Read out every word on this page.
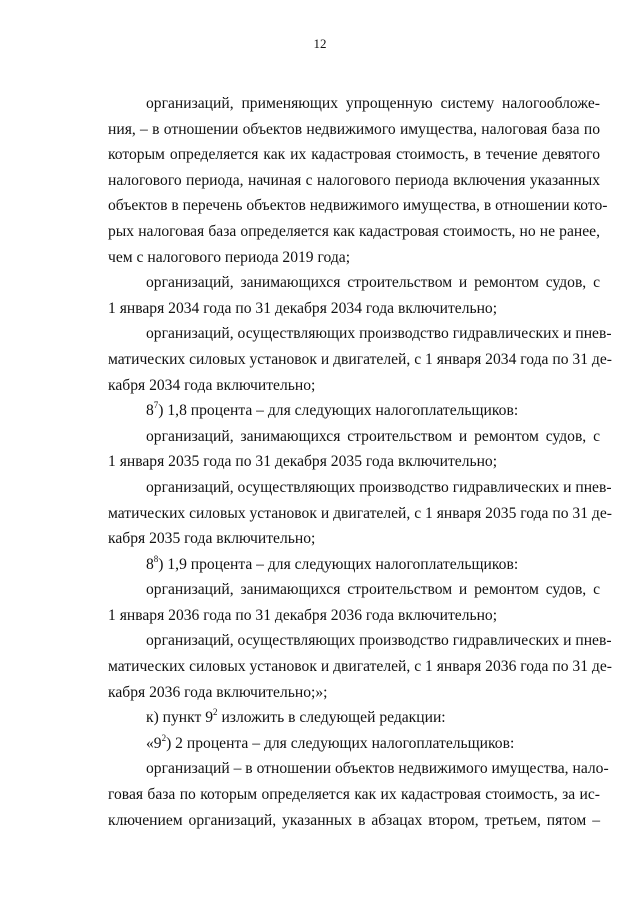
12
организаций, применяющих упрощенную систему налогообложе-
ния, – в отношении объектов недвижимого имущества, налоговая база по
которым определяется как их кадастровая стоимость, в течение девятого
налогового периода, начиная с налогового периода включения указанных
объектов в перечень объектов недвижимого имущества, в отношении кото-
рых налоговая база определяется как кадастровая стоимость, но не ранее,
чем с налогового периода 2019 года;
организаций, занимающихся строительством и ремонтом судов, с
1 января 2034 года по 31 декабря 2034 года включительно;
организаций, осуществляющих производство гидравлических и пнев-
матических силовых установок и двигателей, с 1 января 2034 года по 31 де-
кабря 2034 года включительно;
$8^7$) 1,8 процента – для следующих налогоплательщиков:
организаций, занимающихся строительством и ремонтом судов, с
1 января 2035 года по 31 декабря 2035 года включительно;
организаций, осуществляющих производство гидравлических и пнев-
матических силовых установок и двигателей, с 1 января 2035 года по 31 де-
кабря 2035 года включительно;
$8^8$) 1,9 процента – для следующих налогоплательщиков:
организаций, занимающихся строительством и ремонтом судов, с
1 января 2036 года по 31 декабря 2036 года включительно;
организаций, осуществляющих производство гидравлических и пнев-
матических силовых установок и двигателей, с 1 января 2036 года по 31 де-
кабря 2036 года включительно;»;
к) пункт $9^2$ изложить в следующей редакции:
«$9^2$) 2 процента – для следующих налогоплательщиков:
организаций – в отношении объектов недвижимого имущества, нало-
говая база по которым определяется как их кадастровая стоимость, за ис-
ключением организаций, указанных в абзацах втором, третьем, пятом –
